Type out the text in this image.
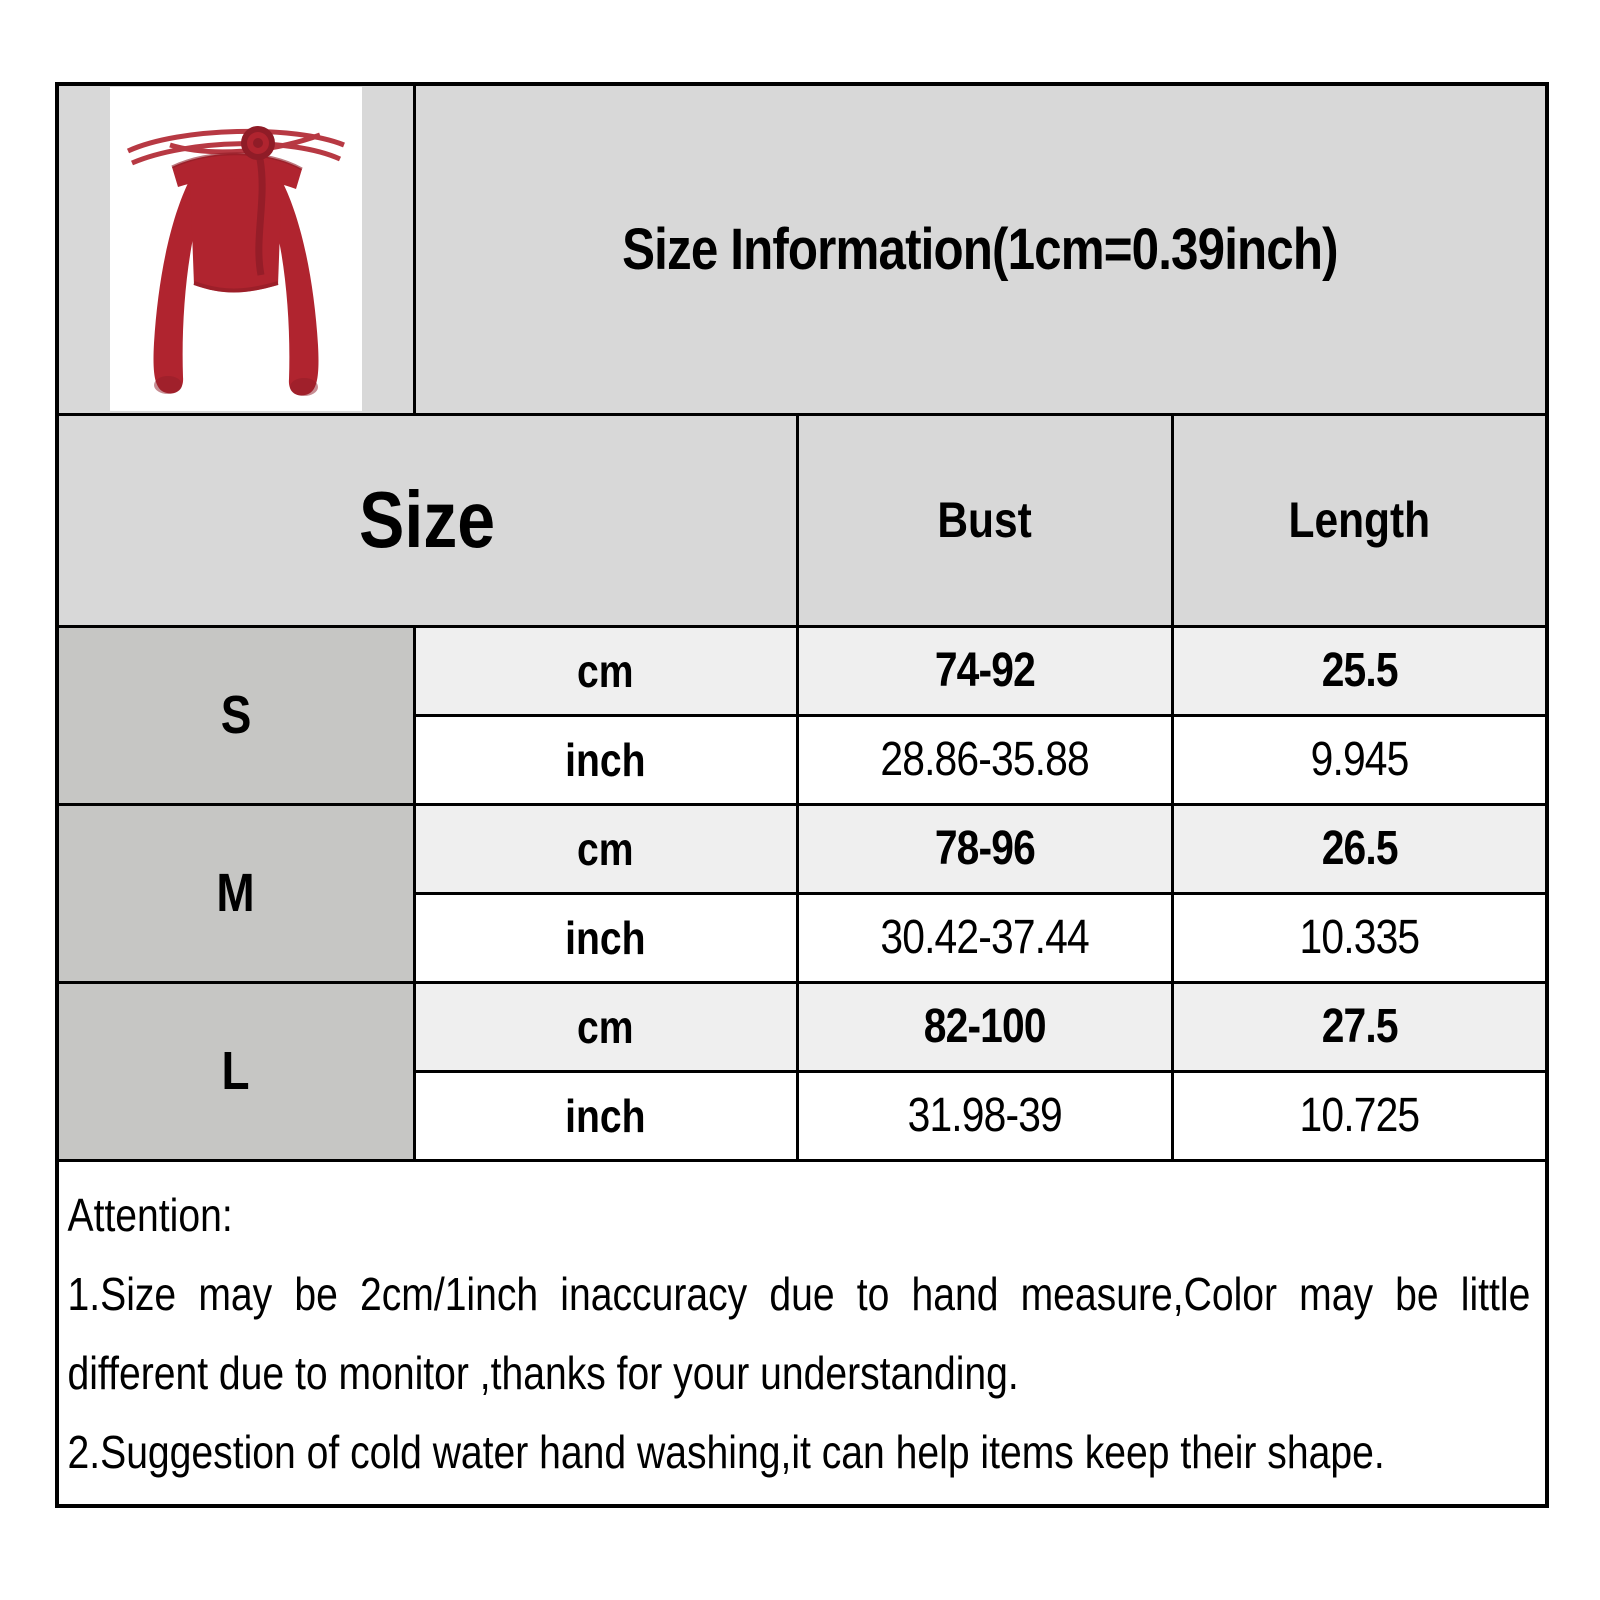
	Size Information(1cm=0.39inch)		
Size		Bust	Length
S	cm	74-92	25.5
	inch	28.86-35.88	9.945
M	cm	78-96	26.5
	inch	30.42-37.44	10.335
L	cm	82-100	27.5
	inch	31.98-39	10.725

Attention:

1.Size may be 2cm/1inch inaccuracy due to hand measure,Color may be little different due to monitor ,thanks for your understanding.

2.Suggestion of cold water hand washing,it can help items keep their shape.			
